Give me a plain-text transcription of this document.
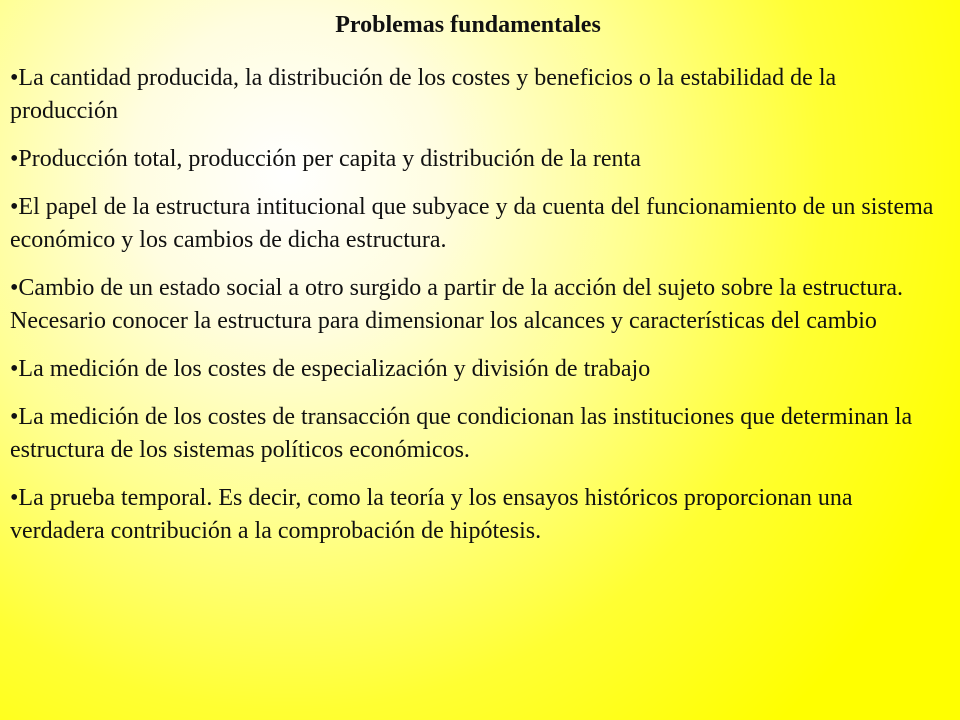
Problemas fundamentales
•La cantidad producida, la distribución de los costes y beneficios o la estabilidad de la producción
•Producción total, producción per capita y distribución de la renta
•El papel de la estructura intitucional que subyace y da cuenta del funcionamiento de un sistema económico y los cambios de dicha estructura.
•Cambio de un estado social a otro surgido a partir de la acción del sujeto sobre la estructura. Necesario conocer la estructura para dimensionar los alcances y características del cambio
•La medición de los costes de especialización y división de trabajo
•La medición de los costes de transacción que condicionan las instituciones que determinan la estructura de los sistemas políticos económicos.
•La prueba temporal. Es decir, como la teoría y los ensayos históricos proporcionan una verdadera contribución a la comprobación de hipótesis.
